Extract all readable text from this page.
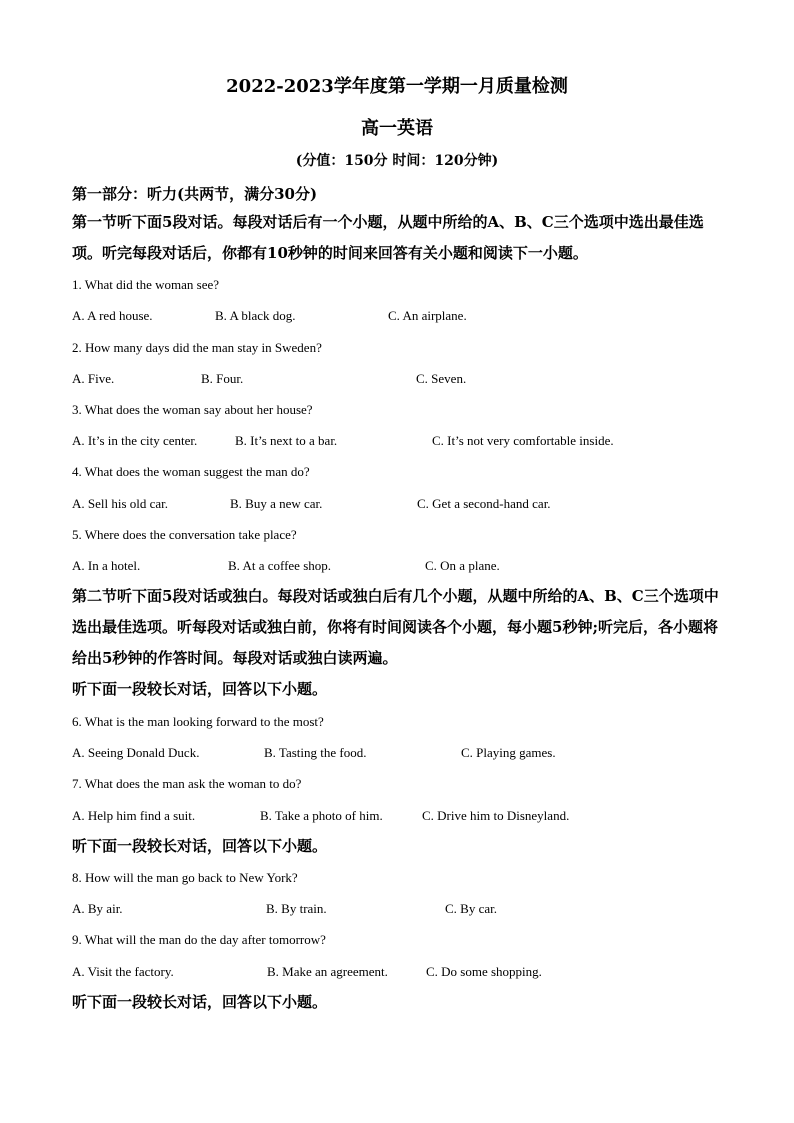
2022-2023学年度第一学期一月质量检测
高一英语
(分值：150分 时间：120分钟)
第一部分：听力(共两节，满分30分)
第一节听下面5段对话。每段对话后有一个小题，从题中所给的A、B、C三个选项中选出最佳选项。听完每段对话后，你都有10秒钟的时间来回答有关小题和阅读下一小题。
1. What did the woman see?
A. A red house.	B. A black dog.	C. An airplane.
2. How many days did the man stay in Sweden?
A. Five.	B. Four.	C. Seven.
3. What does the woman say about her house?
A. It’s in the city center.	B. It’s next to a bar.	C. It’s not very comfortable inside.
4. What does the woman suggest the man do?
A. Sell his old car.	B. Buy a new car.	C. Get a second-hand car.
5. Where does the conversation take place?
A. In a hotel.	B. At a coffee shop.	C. On a plane.
第二节听下面5段对话或独白。每段对话或独白后有几个小题，从题中所给的A、B、C三个选项中选出最佳选项。听每段对话或独白前，你将有时间阅读各个小题，每小题5秒钟;听完后，各小题将给出5秒钟的作答时间。每段对话或独白读两遍。
听下面一段较长对话，回答以下小题。
6. What is the man looking forward to the most?
A. Seeing Donald Duck.	B. Tasting the food.	C. Playing games.
7. What does the man ask the woman to do?
A. Help him find a suit.	B. Take a photo of him.	C. Drive him to Disneyland.
听下面一段较长对话，回答以下小题。
8. How will the man go back to New York?
A. By air.	B. By train.	C. By car.
9. What will the man do the day after tomorrow?
A. Visit the factory.	B. Make an agreement.	C. Do some shopping.
听下面一段较长对话，回答以下小题。
